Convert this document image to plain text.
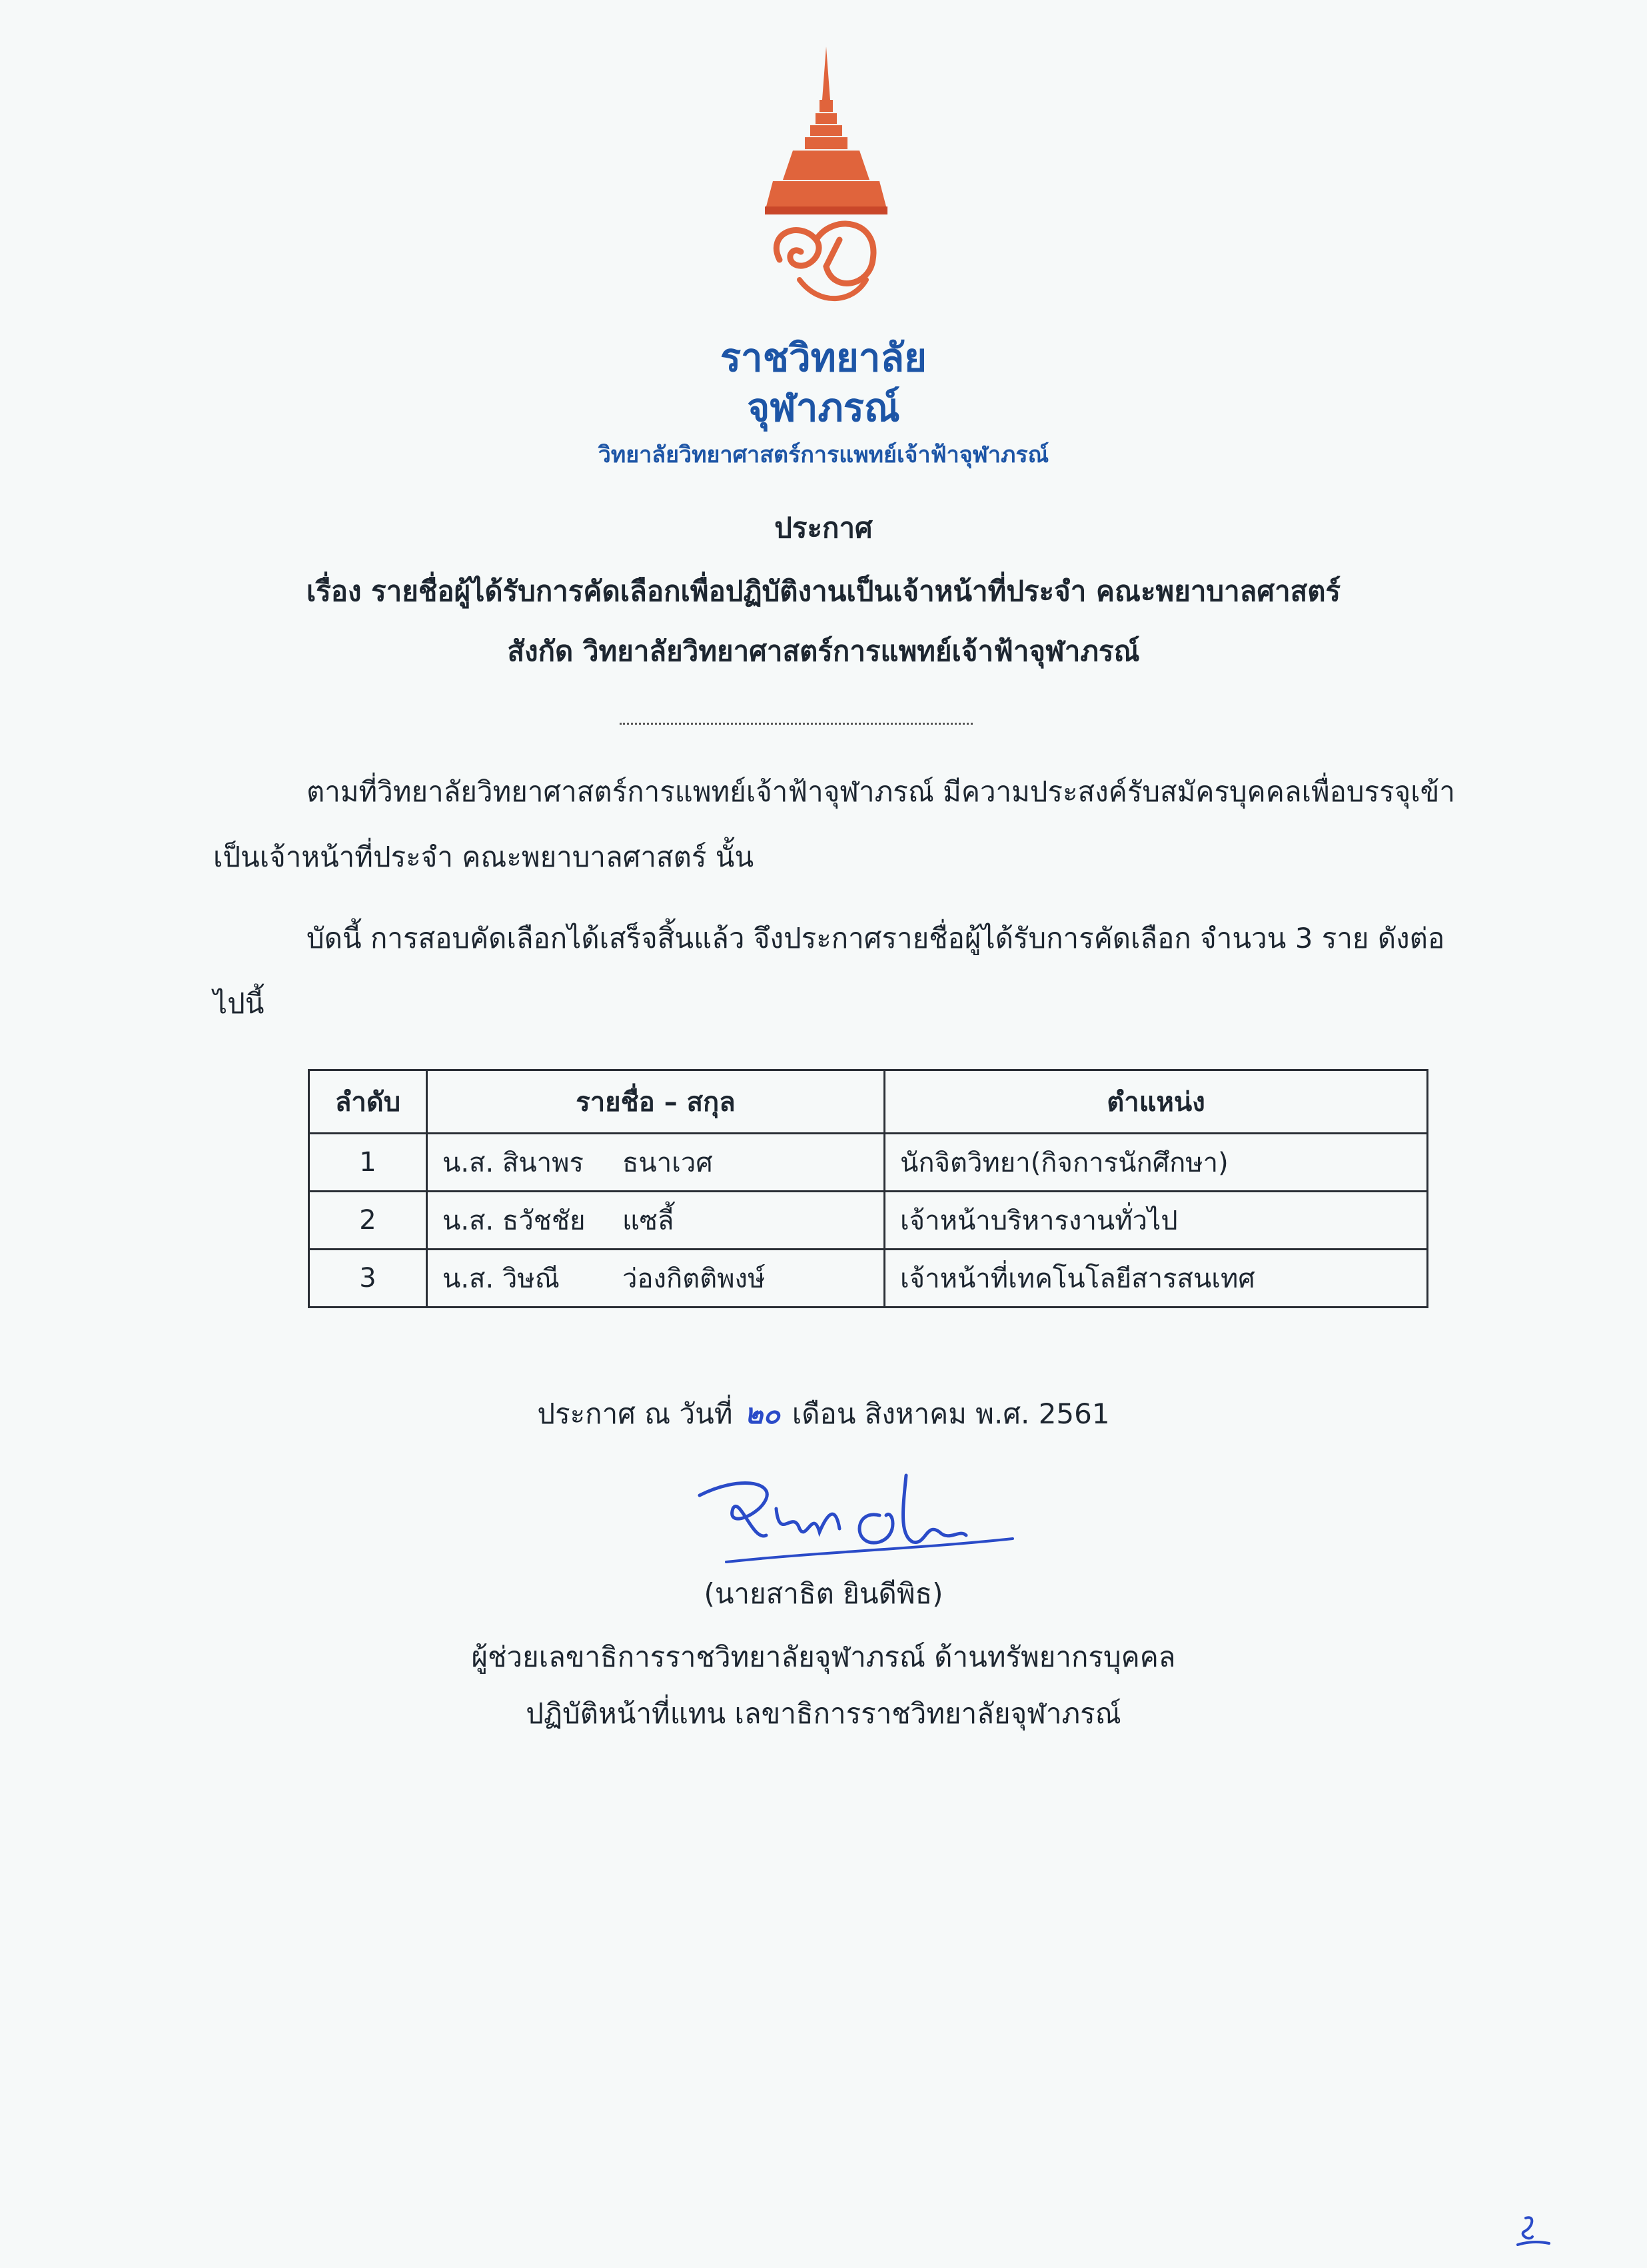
ราชวิทยาลัย
จุฬาภรณ์
วิทยาลัยวิทยาศาสตร์การแพทย์เจ้าฟ้าจุฬาภรณ์
ประกาศ
เรื่อง รายชื่อผู้ได้รับการคัดเลือกเพื่อปฏิบัติงานเป็นเจ้าหน้าที่ประจำ คณะพยาบาลศาสตร์
สังกัด วิทยาลัยวิทยาศาสตร์การแพทย์เจ้าฟ้าจุฬาภรณ์
ตามที่วิทยาลัยวิทยาศาสตร์การแพทย์เจ้าฟ้าจุฬาภรณ์ มีความประสงค์รับสมัครบุคคลเพื่อบรรจุเข้าเป็นเจ้าหน้าที่ประจำ คณะพยาบาลศาสตร์ นั้น
บัดนี้ การสอบคัดเลือกได้เสร็จสิ้นแล้ว จึงประกาศรายชื่อผู้ได้รับการคัดเลือก จำนวน 3 ราย ดังต่อไปนี้
ลำดับ	รายชื่อ – สกุล	ตำแหน่ง
1	น.ส. สินาพร ธนาเวศ	นักจิตวิทยา(กิจการนักศึกษา)
2	น.ส. ธวัชชัย แซลี้	เจ้าหน้าบริหารงานทั่วไป
3	น.ส. วิษณี ว่องกิตติพงษ์	เจ้าหน้าที่เทคโนโลยีสารสนเทศ
ประกาศ ณ วันที่ ๒๐ เดือน สิงหาคม พ.ศ. 2561
(นายสาธิต ยินดีพิธ)
ผู้ช่วยเลขาธิการราชวิทยาลัยจุฬาภรณ์ ด้านทรัพยากรบุคคล
ปฏิบัติหน้าที่แทน เลขาธิการราชวิทยาลัยจุฬาภรณ์
